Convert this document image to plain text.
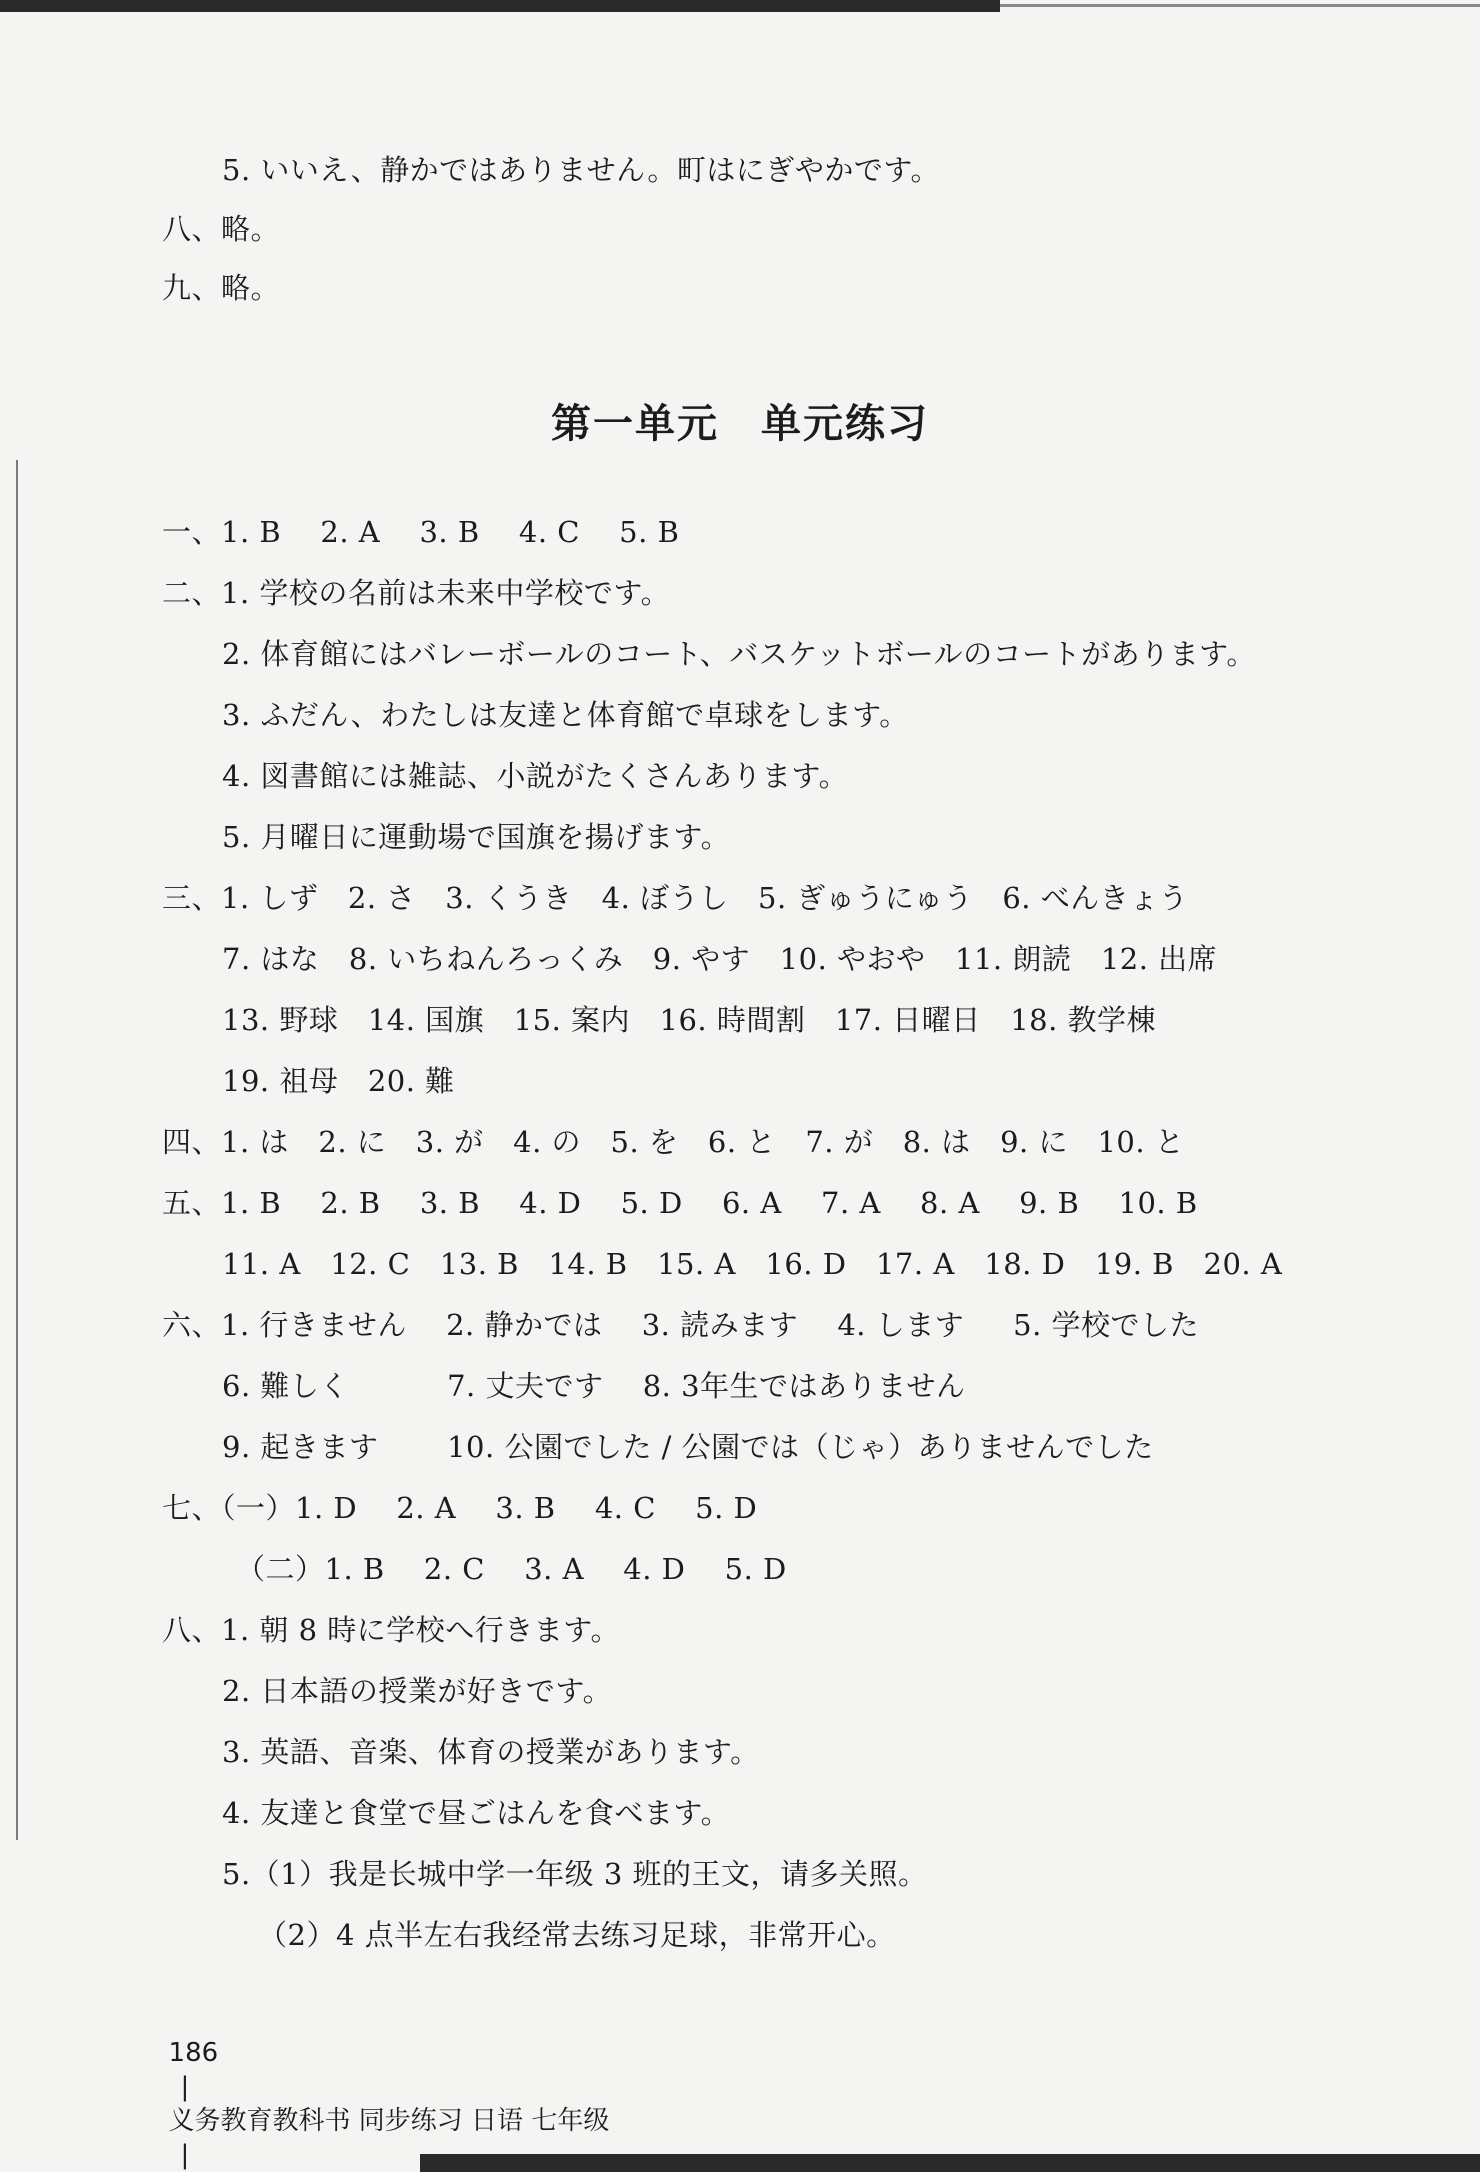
5. いいえ、静かではありません。町はにぎやかです。
八、略。
九、略。
第一单元　单元练习
一、1. B　 2. A　 3. B　 4. C　 5. B
二、1. 学校の名前は未来中学校です。
2. 体育館にはバレーボールのコート、バスケットボールのコートがあります。
3. ふだん、わたしは友達と体育館で卓球をします。
4. 図書館には雑誌、小説がたくさんあります。
5. 月曜日に運動場で国旗を揚げます。
三、1. しず　2. さ　3. くうき　4. ぼうし　5. ぎゅうにゅう　6. べんきょう
7. はな　8. いちねんろっくみ　9. やす　10. やおや　11. 朗読　12. 出席
13. 野球　14. 国旗　15. 案内　16. 時間割　17. 日曜日　18. 教学棟
19. 祖母　20. 難
四、1. は　2. に　3. が　4. の　5. を　6. と　7. が　8. は　9. に　10. と
五、1. B　 2. B　 3. B　 4. D　 5. D　 6. A　 7. A　 8. A　 9. B　 10. B
11. A　12. C　13. B　14. B　15. A　16. D　17. A　18. D　19. B　20. A
六、1. 行きません　 2. 静かでは　 3. 読みます　 4. します　  5. 学校でした
6. 難しく　　　 7. 丈夫です　 8. 3年生ではありません
9. 起きます　　 10. 公園でした / 公園では（じゃ）ありませんでした
七、（一）1. D　 2. A　 3. B　 4. C　 5. D
（二）1. B　 2. C　 3. A　 4. D　 5. D
八、1. 朝 8 時に学校へ行きます。
2. 日本語の授業が好きです。
3. 英語、音楽、体育の授業があります。
4. 友達と食堂で昼ごはんを食べます。
5.（1）我是长城中学一年级 3 班的王文，请多关照。
（2）4 点半左右我经常去练习足球，非常开心。

186
|
义务教育教科书 同步练习 日语 七年级
|
